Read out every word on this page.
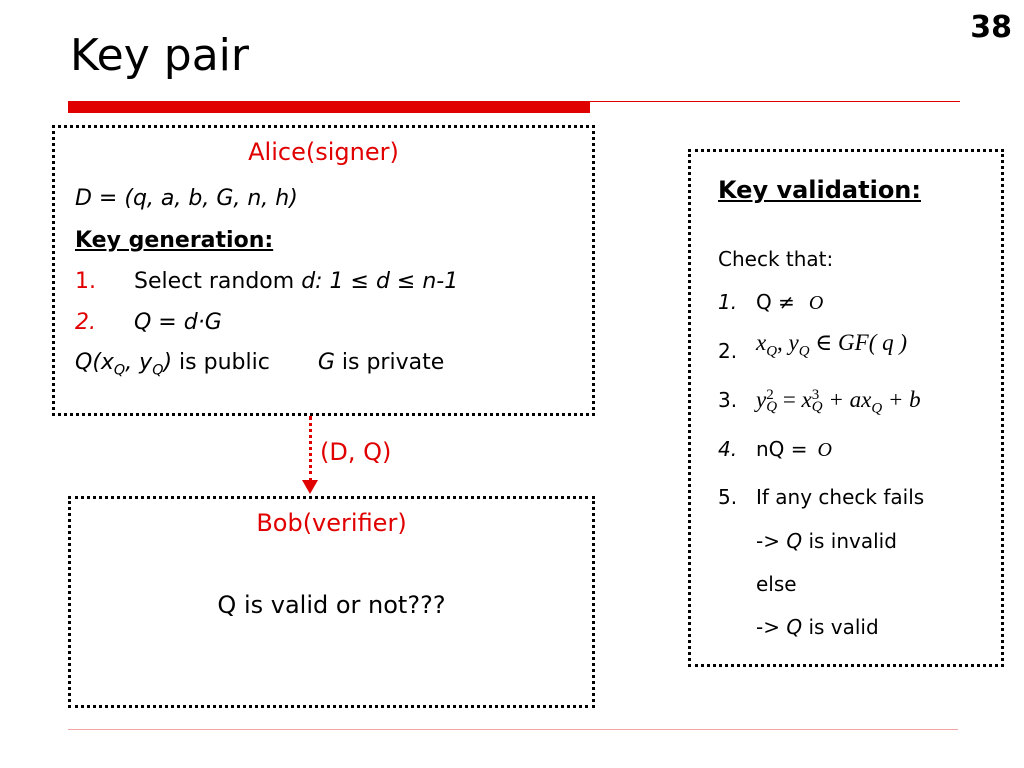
38
Key pair
Alice(signer)
D = (q, a, b, G, n, h)
Key generation:
1. Select random d: 1 ≤ d ≤ n-1
2. Q = d·G
$Q(x_Q$, $y_Q$) is public G is private
(D, Q)
Bob(verifier)
Q is valid or not???
Key validation:
Check that:
1. Q ≠ O
2. $x_Q$, $y_Q$ ∈ GF( q )
3. y 2
Q = x 3
$Q + ax_Q + b$
4. nQ = O
5. If any check fails
-> Q is invalid
else
-> Q is valid
